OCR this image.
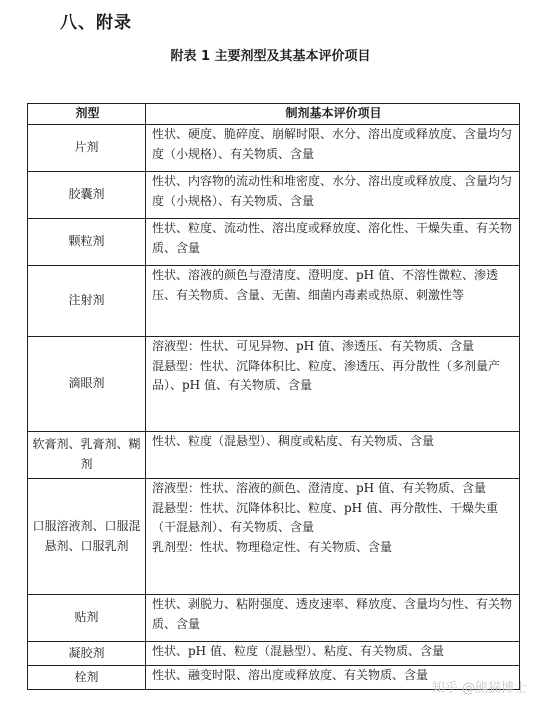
八、附录
附表 1 主要剂型及其基本评价项目
剂型	制剂基本评价项目
片剂	性状、硬度、脆碎度、崩解时限、水分、溶出度或释放度、含量均匀度（小规格）、有关物质、含量

胶囊剂	性状、内容物的流动性和堆密度、水分、溶出度或释放度、含量均匀度（小规格）、有关物质、含量

颗粒剂	性状、粒度、流动性、溶出度或释放度、溶化性、干燥失重、有关物质、含量

注射剂	性状、溶液的颜色与澄清度、澄明度、pH 值、不溶性微粒、渗透压、有关物质、含量、无菌、细菌内毒素或热原、刺激性等

滴眼剂	溶液型：性状、可见异物、pH 值、渗透压、有关物质、含量
混悬型：性状、沉降体积比、粒度、渗透压、再分散性（多剂量产品）、pH 值、有关物质、含量

软膏剂、乳膏剂、糊剂	性状、粒度（混悬型）、稠度或粘度、有关物质、含量

口服溶液剂、口服混悬剂、口服乳剂	溶液型：性状、溶液的颜色、澄清度、pH 值、有关物质、含量
混悬型：性状、沉降体积比、粒度、pH 值、再分散性、干燥失重（干混悬剂）、有关物质、含量
乳剂型：性状、物理稳定性、有关物质、含量

贴剂	性状、剥脱力、粘附强度、透皮速率、释放度、含量均匀性、有关物质、含量

凝胶剂	性状、pH 值、粒度（混悬型）、粘度、有关物质、含量

栓剂	性状、融变时限、溶出度或释放度、有关物质、含量
知乎 @熊猫博士
